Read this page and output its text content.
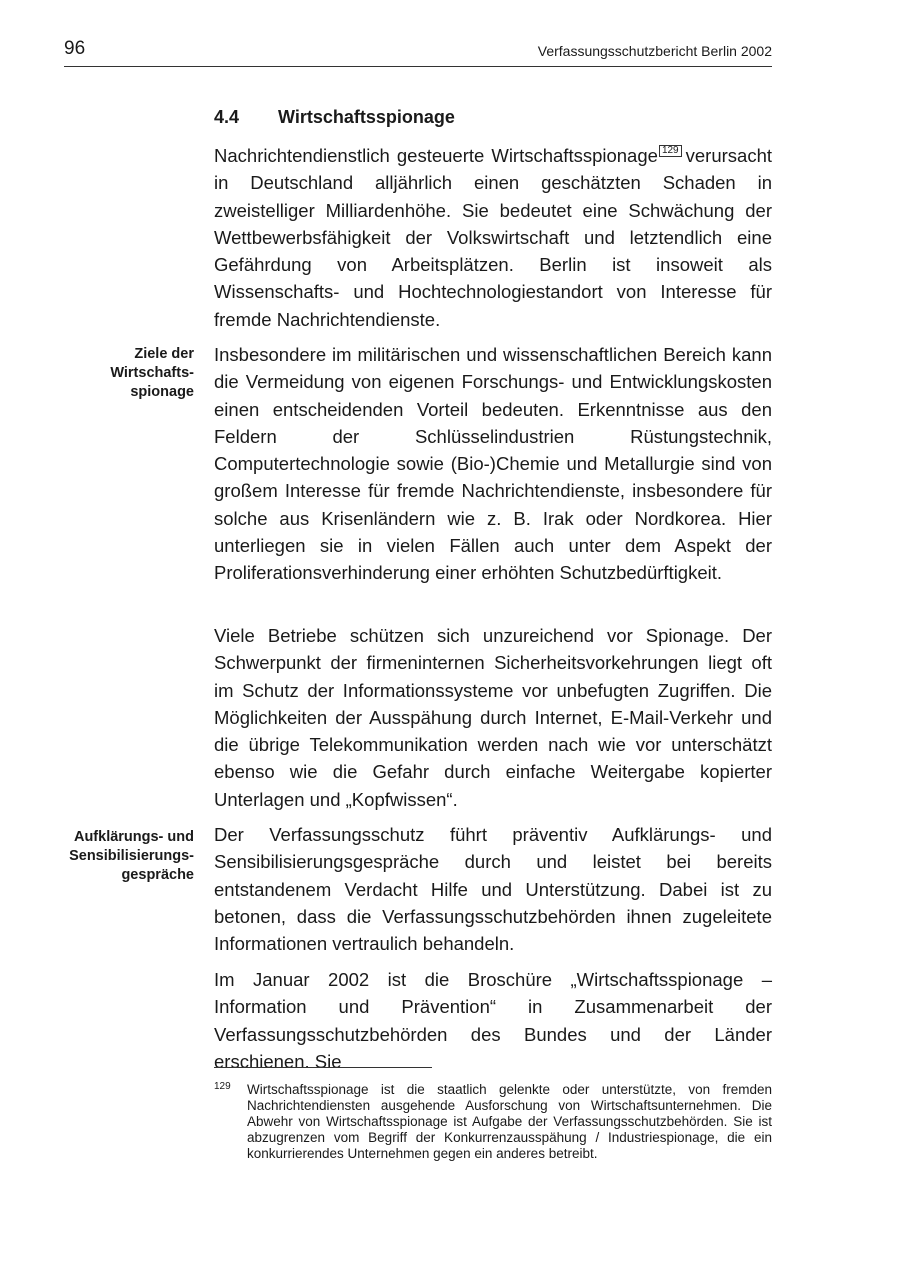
96	Verfassungsschutzbericht Berlin 2002
4.4 Wirtschaftsspionage

Nachrichtendienstlich gesteuerte Wirtschaftsspionage 129 verursacht in Deutschland alljährlich einen geschätzten Schaden in zweistelliger Milliardenhöhe. Sie bedeutet eine Schwächung der Wettbewerbsfähigkeit der Volkswirtschaft und letztendlich eine Gefährdung von Arbeitsplätzen. Berlin ist insoweit als Wissenschafts- und Hochtechnologiestandort von Interesse für fremde Nachrichtendienste.

Ziele der
Wirtschafts-
spionage

Insbesondere im militärischen und wissenschaftlichen Bereich kann die Vermeidung von eigenen Forschungs- und Entwicklungskosten einen entscheidenden Vorteil bedeuten. Erkenntnisse aus den Feldern der Schlüsselindustrien Rüstungstechnik, Computertechnologie sowie (Bio-)Chemie und Metallurgie sind von großem Interesse für fremde Nachrichtendienste, insbesondere für solche aus Krisenländern wie z. B. Irak oder Nordkorea. Hier unterliegen sie in vielen Fällen auch unter dem Aspekt der Proliferationsverhinderung einer erhöhten Schutzbedürftigkeit.

Viele Betriebe schützen sich unzureichend vor Spionage. Der Schwerpunkt der firmeninternen Sicherheitsvorkehrungen liegt oft im Schutz der Informationssysteme vor unbefugten Zugriffen. Die Möglichkeiten der Ausspähung durch Internet, E-Mail-Verkehr und die übrige Telekommunikation werden nach wie vor unterschätzt ebenso wie die Gefahr durch einfache Weitergabe kopierter Unterlagen und „Kopfwissen“.

Aufklärungs- und
Sensibilisierungs-
gespräche

Der Verfassungsschutz führt präventiv Aufklärungs- und Sensibilisierungsgespräche durch und leistet bei bereits entstandenem Verdacht Hilfe und Unterstützung. Dabei ist zu betonen, dass die Verfassungsschutzbehörden ihnen zugeleitete Informationen vertraulich behandeln.

Im Januar 2002 ist die Broschüre „Wirtschaftsspionage – Information und Prävention“ in Zusammenarbeit der Verfassungsschutzbehörden des Bundes und der Länder erschienen. Sie

129 Wirtschaftsspionage ist die staatlich gelenkte oder unterstützte, von fremden Nachrichtendiensten ausgehende Ausforschung von Wirtschaftsunternehmen. Die Abwehr von Wirtschaftsspionage ist Aufgabe der Verfassungsschutzbehörden. Sie ist abzugrenzen vom Begriff der Konkurrenzausspähung / Industriespionage, die ein konkurrierendes Unternehmen gegen ein anderes betreibt.
